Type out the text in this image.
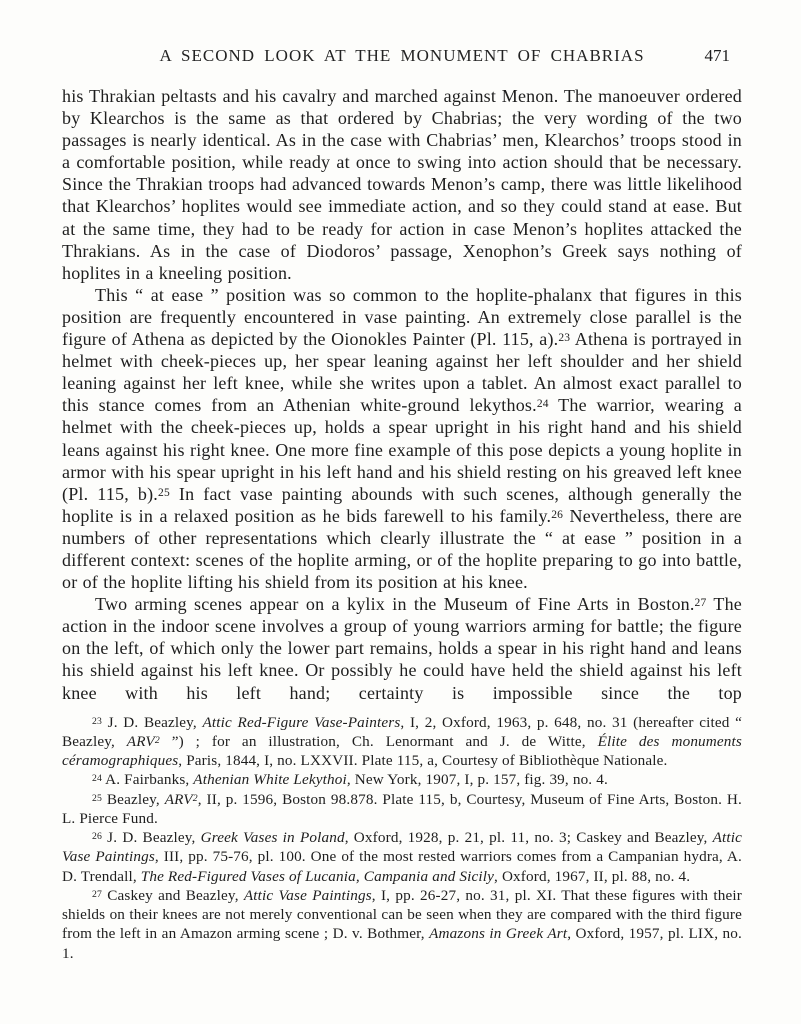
A SECOND LOOK AT THE MONUMENT OF CHABRIAS	471

his Thrakian peltasts and his cavalry and marched against Menon. The manoeuver ordered by Klearchos is the same as that ordered by Chabrias; the very wording of the two passages is nearly identical. As in the case with Chabrias’ men, Klearchos’ troops stood in a comfortable position, while ready at once to swing into action should that be necessary. Since the Thrakian troops had advanced towards Menon’s camp, there was little likelihood that Klearchos’ hoplites would see immediate action, and so they could stand at ease. But at the same time, they had to be ready for action in case Menon’s hoplites attacked the Thrakians. As in the case of Diodoros’ passage, Xenophon’s Greek says nothing of hoplites in a kneeling position.

This “ at ease ” position was so common to the hoplite-phalanx that figures in this position are frequently encountered in vase painting. An extremely close parallel is the figure of Athena as depicted by the Oionokles Painter (Pl. 115, a).$^{23}$ Athena is portrayed in helmet with cheek-pieces up, her spear leaning against her left shoulder and her shield leaning against her left knee, while she writes upon a tablet. An almost exact parallel to this stance comes from an Athenian white-ground lekythos.$^{24}$ The warrior, wearing a helmet with the cheek-pieces up, holds a spear upright in his right hand and his shield leans against his right knee. One more fine example of this pose depicts a young hoplite in armor with his spear upright in his left hand and his shield resting on his greaved left knee (Pl. 115, b).$^{25}$ In fact vase painting abounds with such scenes, although generally the hoplite is in a relaxed position as he bids farewell to his family.$^{26}$ Nevertheless, there are numbers of other representations which clearly illustrate the “ at ease ” position in a different context: scenes of the hoplite arming, or of the hoplite preparing to go into battle, or of the hoplite lifting his shield from its position at his knee.

Two arming scenes appear on a kylix in the Museum of Fine Arts in Boston.$^{27}$ The action in the indoor scene involves a group of young warriors arming for battle; the figure on the left, of which only the lower part remains, holds a spear in his right hand and leans his shield against his left knee. Or possibly he could have held the shield against his left knee with his left hand; certainty is impossible since the top

$^{23}$ J. D. Beazley, Attic Red-Figure Vase-Painters, I, 2, Oxford, 1963, p. 648, no. 31 (hereafter cited “ Beazley, ARV$^2$ ”) ; for an illustration, Ch. Lenormant and J. de Witte, Élite des monuments céramographiques, Paris, 1844, I, no. LXXVII. Plate 115, a, Courtesy of Bibliothèque Nationale.

$^{24}$ A. Fairbanks, Athenian White Lekythoi, New York, 1907, I, p. 157, fig. 39, no. 4.

$^{25}$ Beazley, ARV$^2$, II, p. 1596, Boston 98.878. Plate 115, b, Courtesy, Museum of Fine Arts, Boston. H. L. Pierce Fund.

$^{26}$ J. D. Beazley, Greek Vases in Poland, Oxford, 1928, p. 21, pl. 11, no. 3; Caskey and Beazley, Attic Vase Paintings, III, pp. 75-76, pl. 100. One of the most rested warriors comes from a Campanian hydra, A. D. Trendall, The Red-Figured Vases of Lucania, Campania and Sicily, Oxford, 1967, II, pl. 88, no. 4.

$^{27}$ Caskey and Beazley, Attic Vase Paintings, I, pp. 26-27, no. 31, pl. XI. That these figures with their shields on their knees are not merely conventional can be seen when they are compared with the third figure from the left in an Amazon arming scene ; D. v. Bothmer, Amazons in Greek Art, Oxford, 1957, pl. LIX, no. 1.
